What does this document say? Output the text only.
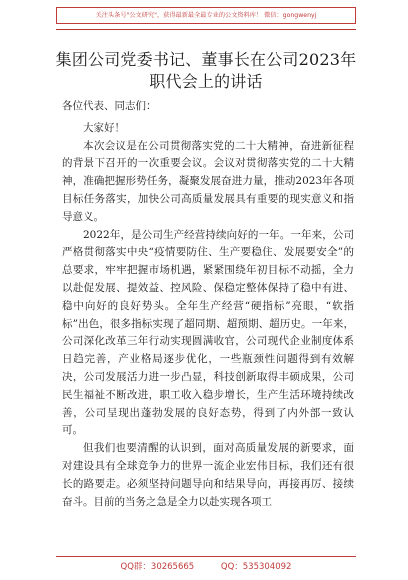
关注头条号"公文研究"，获得最新最全最专业的公文资料库！ 微信：gongwenyj
集团公司党委书记、董事长在公司2023年职代会上的讲话

各位代表、同志们：

大家好！

本次会议是在公司贯彻落实党的二十大精神，奋进新征程的背景下召开的一次重要会议。会议对贯彻落实党的二十大精神，准确把握形势任务，凝聚发展奋进力量，推动2023年各项目标任务落实，加快公司高质量发展具有重要的现实意义和指导意义。

2022年，是公司生产经营持续向好的一年。一年来，公司严格贯彻落实中央“疫情要防住、生产要稳住、发展要安全”的总要求，牢牢把握市场机遇，紧紧围绕年初目标不动摇，全力以赴促发展、提效益、控风险、保稳定整体保持了稳中有进、稳中向好的良好势头。全年生产经营“硬指标”亮眼，“软指标”出色，很多指标实现了超同期、超预期、超历史。一年来，公司深化改革三年行动实现圆满收官，公司现代企业制度体系日趋完善，产业格局逐步优化，一些瓶颈性问题得到有效解决，公司发展活力进一步凸显，科技创新取得丰硕成果，公司民生福祉不断改进，职工收入稳步增长，生产生活环境持续改善，公司呈现出蓬勃发展的良好态势，得到了内外部一致认可。

但我们也要清醒的认识到，面对高质量发展的新要求，面对建设具有全球竞争力的世界一流企业宏伟目标，我们还有很长的路要走。必须坚持问题导向和结果导向，再接再厉、接续奋斗。目前的当务之急是全力以赴实现各项工

QQ群：30265665	QQ：535304092
